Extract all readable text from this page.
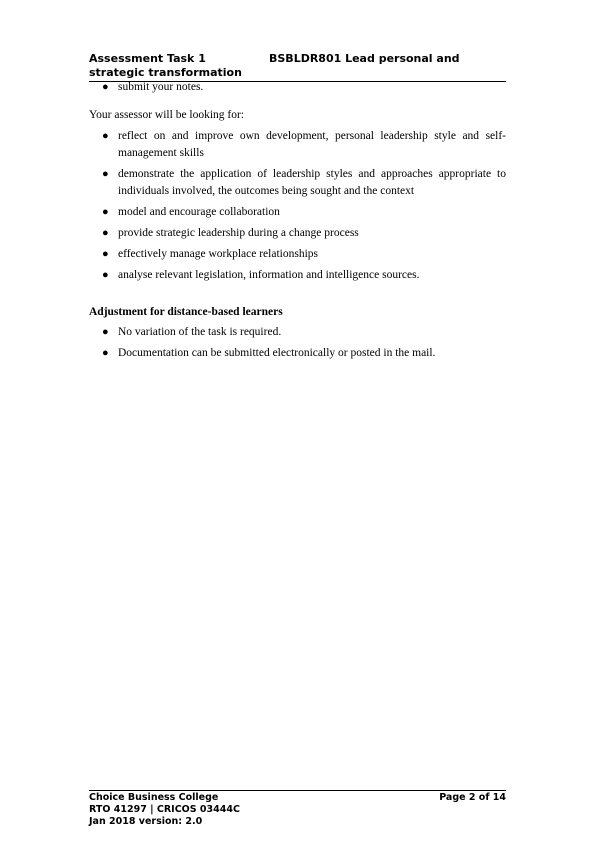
Assessment Task 1	BSBLDR801 Lead personal and
strategic transformation
● submit your notes.
Your assessor will be looking for:
● reflect on and improve own development, personal leadership style and self-management skills
● demonstrate the application of leadership styles and approaches appropriate to individuals involved, the outcomes being sought and the context
● model and encourage collaboration
● provide strategic leadership during a change process
● effectively manage workplace relationships
● analyse relevant legislation, information and intelligence sources.
Adjustment for distance-based learners
● No variation of the task is required.
● Documentation can be submitted electronically or posted in the mail.
Choice Business College	Page 2 of 14
RTO 41297 | CRICOS 03444C
Jan 2018 version: 2.0
